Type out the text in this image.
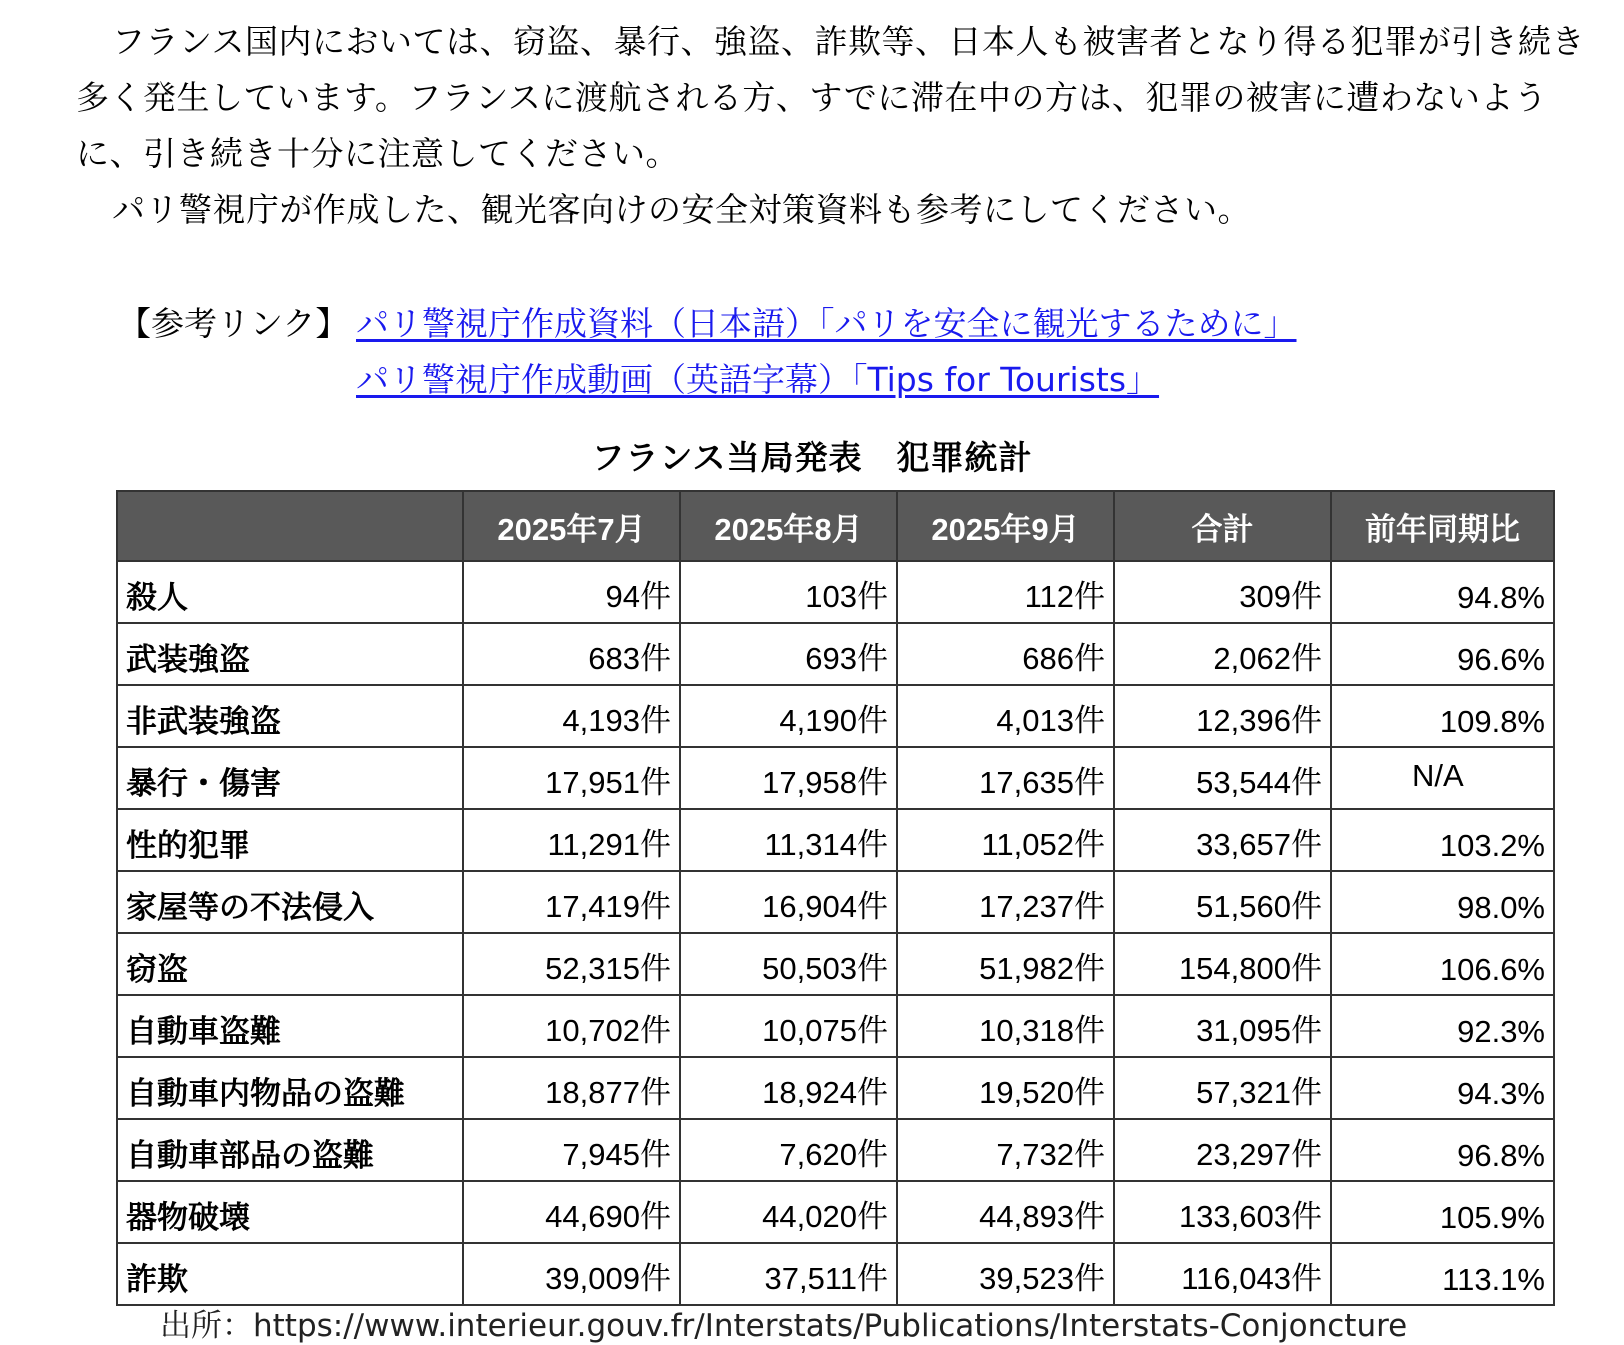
フランス国内においては、窃盗、暴行、強盗、詐欺等、日本人も被害者となり得る犯罪が引き続き多く発生しています。フランスに渡航される方、すでに滞在中の方は、犯罪の被害に遭わないように、引き続き十分に注意してください。

パリ警視庁が作成した、観光客向けの安全対策資料も参考にしてください。

【参考リンク】 パリ警視庁作成資料（日本語）「パリを安全に観光するために」
パリ警視庁作成動画（英語字幕）「Tips for Tourists」
フランス当局発表　犯罪統計
	2025年7月	2025年8月	2025年9月	合計	前年同期比
殺人	94件	103件	112件	309件	94.8%
武装強盗	683件	693件	686件	2,062件	96.6%
非武装強盗	4,193件	4,190件	4,013件	12,396件	109.8%
暴行・傷害	17,951件	17,958件	17,635件	53,544件	N/A
性的犯罪	11,291件	11,314件	11,052件	33,657件	103.2%
家屋等の不法侵入	17,419件	16,904件	17,237件	51,560件	98.0%
窃盗	52,315件	50,503件	51,982件	154,800件	106.6%
自動車盗難	10,702件	10,075件	10,318件	31,095件	92.3%
自動車内物品の盗難	18,877件	18,924件	19,520件	57,321件	94.3%
自動車部品の盗難	7,945件	7,620件	7,732件	23,297件	96.8%
器物破壊	44,690件	44,020件	44,893件	133,603件	105.9%
詐欺	39,009件	37,511件	39,523件	116,043件	113.1%
出所：https://www.interieur.gouv.fr/Interstats/Publications/Interstats-Conjoncture
